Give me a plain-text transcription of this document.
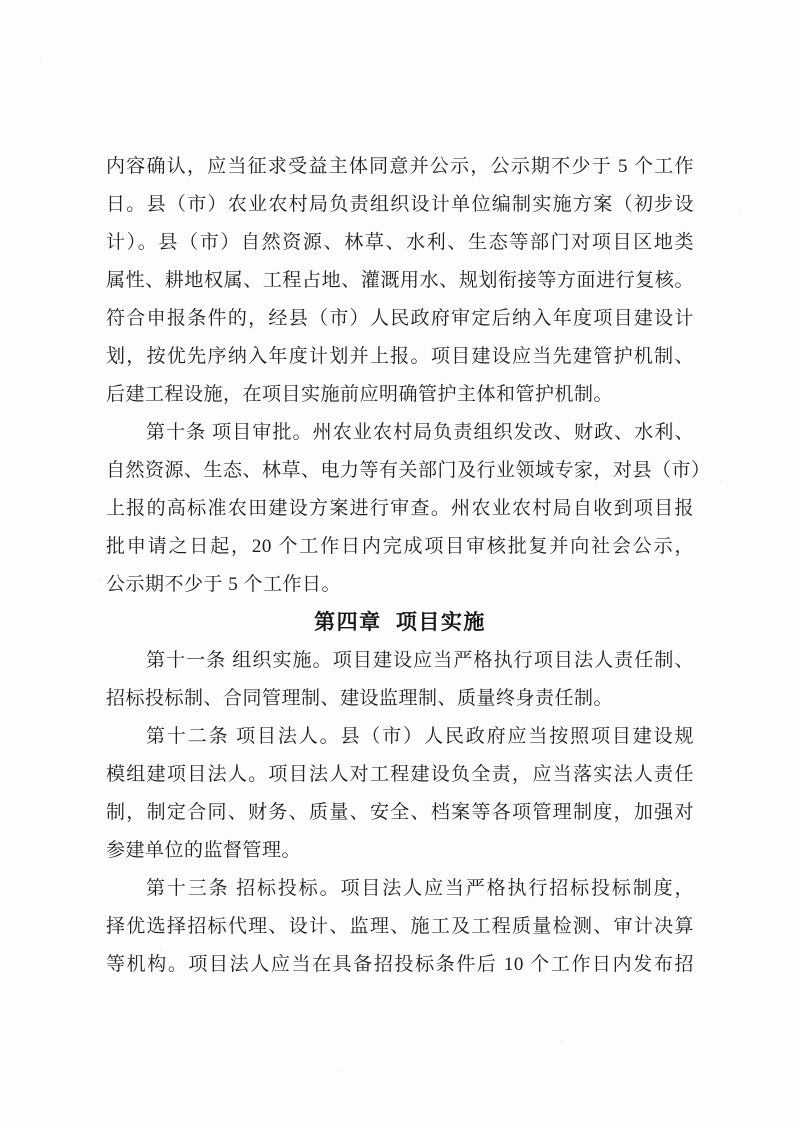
内容确认，应当征求受益主体同意并公示，公示期不少于 5 个工作
日。县（市）农业农村局负责组织设计单位编制实施方案（初步设
计）。县（市）自然资源、林草、水利、生态等部门对项目区地类
属性、耕地权属、工程占地、灌溉用水、规划衔接等方面进行复核。
符合申报条件的，经县（市）人民政府审定后纳入年度项目建设计
划，按优先序纳入年度计划并上报。项目建设应当先建管护机制、
后建工程设施，在项目实施前应明确管护主体和管护机制。
第十条 项目审批。州农业农村局负责组织发改、财政、水利、
自然资源、生态、林草、电力等有关部门及行业领域专家，对县（市）
上报的高标准农田建设方案进行审查。州农业农村局自收到项目报
批申请之日起，20 个工作日内完成项目审核批复并向社会公示，
公示期不少于 5 个工作日。
第四章 项目实施
第十一条 组织实施。项目建设应当严格执行项目法人责任制、
招标投标制、合同管理制、建设监理制、质量终身责任制。
第十二条 项目法人。县（市）人民政府应当按照项目建设规
模组建项目法人。项目法人对工程建设负全责，应当落实法人责任
制，制定合同、财务、质量、安全、档案等各项管理制度，加强对
参建单位的监督管理。
第十三条 招标投标。项目法人应当严格执行招标投标制度，
择优选择招标代理、设计、监理、施工及工程质量检测、审计决算
等机构。项目法人应当在具备招投标条件后 10 个工作日内发布招
